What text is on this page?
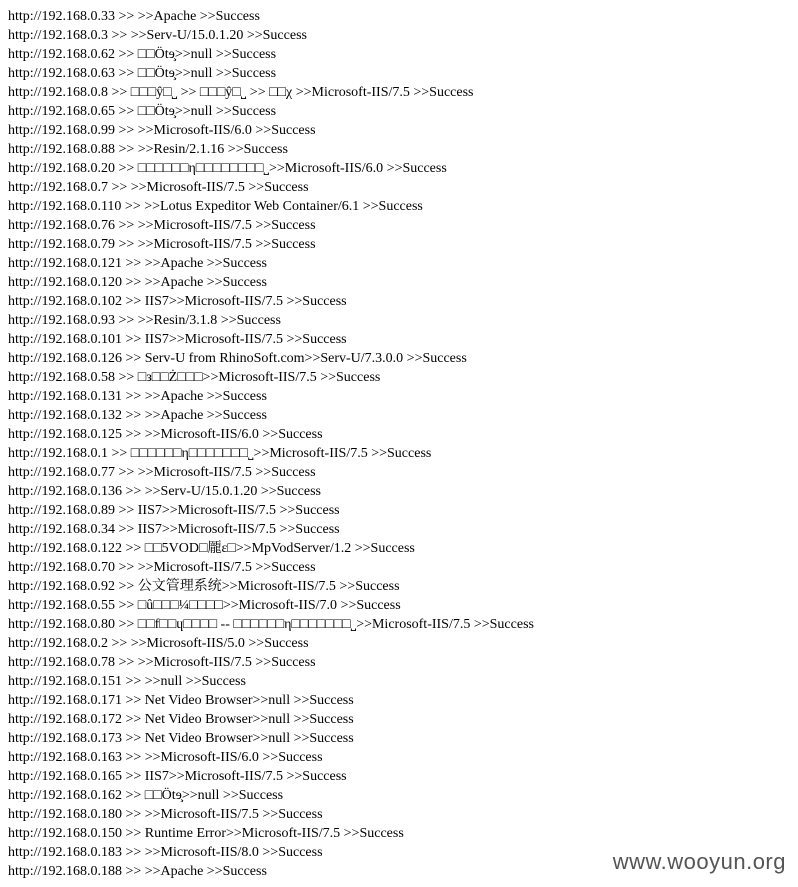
http://192.168.0.33 >> >>Apache >>Success
http://192.168.0.3 >> >>Serv-U/15.0.1.20 >>Success
http://192.168.0.62 >> □□Ötɘ̧>>null >>Success
http://192.168.0.63 >> □□Ötɘ̧>>null >>Success
http://192.168.0.8 >> □□□ŷ□˽ >> □□□ŷ□˽ >> □□χ >>Microsoft-IIS/7.5 >>Success
http://192.168.0.65 >> □□Ötɘ̧>>null >>Success
http://192.168.0.99 >> >>Microsoft-IIS/6.0 >>Success
http://192.168.0.88 >> >>Resin/2.1.16 >>Success
http://192.168.0.20 >> □□□□□□η□□□□□□□□˽>>Microsoft-IIS/6.0 >>Success
http://192.168.0.7 >> >>Microsoft-IIS/7.5 >>Success
http://192.168.0.110 >> >>Lotus Expeditor Web Container/6.1 >>Success
http://192.168.0.76 >> >>Microsoft-IIS/7.5 >>Success
http://192.168.0.79 >> >>Microsoft-IIS/7.5 >>Success
http://192.168.0.121 >> >>Apache >>Success
http://192.168.0.120 >> >>Apache >>Success
http://192.168.0.102 >> IIS7>>Microsoft-IIS/7.5 >>Success
http://192.168.0.93 >> >>Resin/3.1.8 >>Success
http://192.168.0.101 >> IIS7>>Microsoft-IIS/7.5 >>Success
http://192.168.0.126 >> Serv-U from RhinoSoft.com>>Serv-U/7.3.0.0 >>Success
http://192.168.0.58 >> □з□□Ż□□□>>Microsoft-IIS/7.5 >>Success
http://192.168.0.131 >> >>Apache >>Success
http://192.168.0.132 >> >>Apache >>Success
http://192.168.0.125 >> >>Microsoft-IIS/6.0 >>Success
http://192.168.0.1 >> □□□□□□η□□□□□□□˽>>Microsoft-IIS/7.5 >>Success
http://192.168.0.77 >> >>Microsoft-IIS/7.5 >>Success
http://192.168.0.136 >> >>Serv-U/15.0.1.20 >>Success
http://192.168.0.89 >> IIS7>>Microsoft-IIS/7.5 >>Success
http://192.168.0.34 >> IIS7>>Microsoft-IIS/7.5 >>Success
http://192.168.0.122 >> □□5VOD□龎ε□>>MpVodServer/1.2 >>Success
http://192.168.0.70 >> >>Microsoft-IIS/7.5 >>Success
http://192.168.0.92 >> 公文管理系统>>Microsoft-IIS/7.5 >>Success
http://192.168.0.55 >> □û□□□¼□□□□>>Microsoft-IIS/7.0 >>Success
http://192.168.0.80 >> □□f□□ɥ□□□□ -- □□□□□□η□□□□□□□˽>>Microsoft-IIS/7.5 >>Success
http://192.168.0.2 >> >>Microsoft-IIS/5.0 >>Success
http://192.168.0.78 >> >>Microsoft-IIS/7.5 >>Success
http://192.168.0.151 >> >>null >>Success
http://192.168.0.171 >> Net Video Browser>>null >>Success
http://192.168.0.172 >> Net Video Browser>>null >>Success
http://192.168.0.173 >> Net Video Browser>>null >>Success
http://192.168.0.163 >> >>Microsoft-IIS/6.0 >>Success
http://192.168.0.165 >> IIS7>>Microsoft-IIS/7.5 >>Success
http://192.168.0.162 >> □□Ötɘ̧>>null >>Success
http://192.168.0.180 >> >>Microsoft-IIS/7.5 >>Success
http://192.168.0.150 >> Runtime Error>>Microsoft-IIS/7.5 >>Success
http://192.168.0.183 >> >>Microsoft-IIS/8.0 >>Success
http://192.168.0.188 >> >>Apache >>Success	www.wooyun.org
